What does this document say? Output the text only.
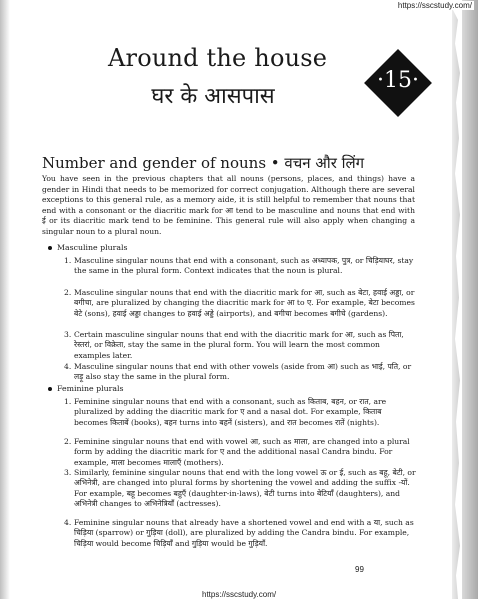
Around the house
घर के आसपास
·15·
Number and gender of nouns • वचन और लिंग

You have seen in the previous chapters that all nouns (persons, places, and things) have a gender in Hindi that needs to be memorized for correct conjugation. Although there are several exceptions to this general rule, as a memory aide, it is still helpful to remember that nouns that end with a consonant or the diacritic mark for आ tend to be masculine and nouns that end with ई or its diacritic mark tend to be feminine. This general rule will also apply when changing a singular noun to a plural noun.

Masculine plurals
1. Masculine singular nouns that end with a consonant, such as अध्यापक, पुत्र, or चिड़ियाघर, stay the same in the plural form. Context indicates that the noun is plural.
2. Masculine singular nouns that end with the diacritic mark for आ, such as बेटा, हवाई अड्डा, or बगीचा, are pluralized by changing the diacritic mark for आ to ए. For example, बेटा becomes बेटे (sons), हवाई अड्डा changes to हवाई अड्डे (airports), and बगीचा becomes बगीचे (gardens).
3. Certain masculine singular nouns that end with the diacritic mark for आ, such as पिता, रेस्तरां, or विक्रेता, stay the same in the plural form. You will learn the most common examples later.
4. Masculine singular nouns that end with other vowels (aside from आ) such as भाई, पति, or लड़ू also stay the same in the plural form.
Feminine plurals
1. Feminine singular nouns that end with a consonant, such as किताब, बहन, or रात, are pluralized by adding the diacritic mark for ए and a nasal dot. For example, किताब becomes किताबें (books), बहन turns into बहनें (sisters), and रात becomes रातें (nights).
2. Feminine singular nouns that end with vowel आ, such as माला, are changed into a plural form by adding the diacritic mark for ए and the additional nasal Candra bindu. For example, माला becomes मालाएँ (mothers).
3. Similarly, feminine singular nouns that end with the long vowel ऊ or ई, such as बहू, बेटी, or अभिनेत्री, are changed into plural forms by shortening the vowel and adding the suffix -यों. For example, बहू becomes बहुएँ (daughter-in-laws), बेटी turns into बेटियाँ (daughters), and अभिनेत्री changes to अभिनेत्रियाँ (actresses).
4. Feminine singular nouns that already have a shortened vowel and end with a या, such as चिड़िया (sparrow) or गुड़िया (doll), are pluralized by adding the Candra bindu. For example, चिड़िया would become चिड़ियाँ and गुड़िया would be गुड़ियाँ.
99
https://sscstudy.com/
https://sscstudy.com/
